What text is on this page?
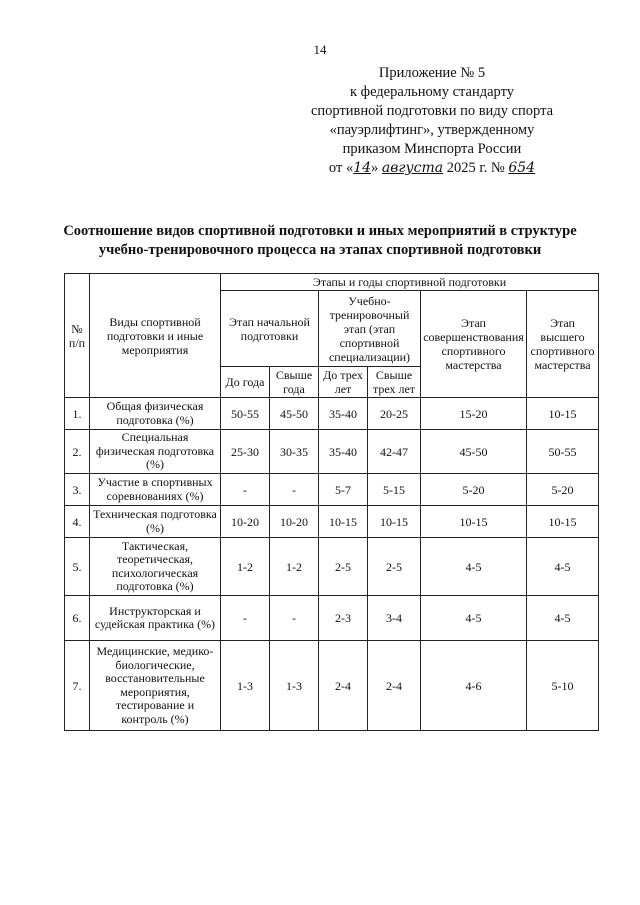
14
Приложение № 5
к федеральному стандарту
спортивной подготовки по виду спорта
«пауэрлифтинг», утвержденному
приказом Минспорта России
от «14» августа 2025 г. № 654
Соотношение видов спортивной подготовки и иных мероприятий в структуре
учебно-тренировочного процесса на этапах спортивной подготовки
№ п/п	Виды спортивной подготовки и иные мероприятия	Этапы и годы спортивной подготовки					
		Этап начальной подготовки		Учебно-тренировочный этап (этап спортивной специализации)		Этап совершенствования спортивного мастерства	Этап высшего спортивного мастерства
		До года	Свыше года	До трех лет	Свыше трех лет		
1.	Общая физическая подготовка (%)	50-55	45-50	35-40	20-25	15-20	10-15
2.	Специальная физическая подготовка (%)	25-30	30-35	35-40	42-47	45-50	50-55
3.	Участие в спортивных соревнованиях (%)	-	-	5-7	5-15	5-20	5-20
4.	Техническая подготовка (%)	10-20	10-20	10-15	10-15	10-15	10-15
5.	Тактическая, теоретическая, психологическая подготовка (%)	1-2	1-2	2-5	2-5	4-5	4-5
6.	Инструкторская и судейская практика (%)	-	-	2-3	3-4	4-5	4-5
7.	Медицинские, медико-биологические, восстановительные мероприятия, тестирование и контроль (%)	1-3	1-3	2-4	2-4	4-6	5-10
